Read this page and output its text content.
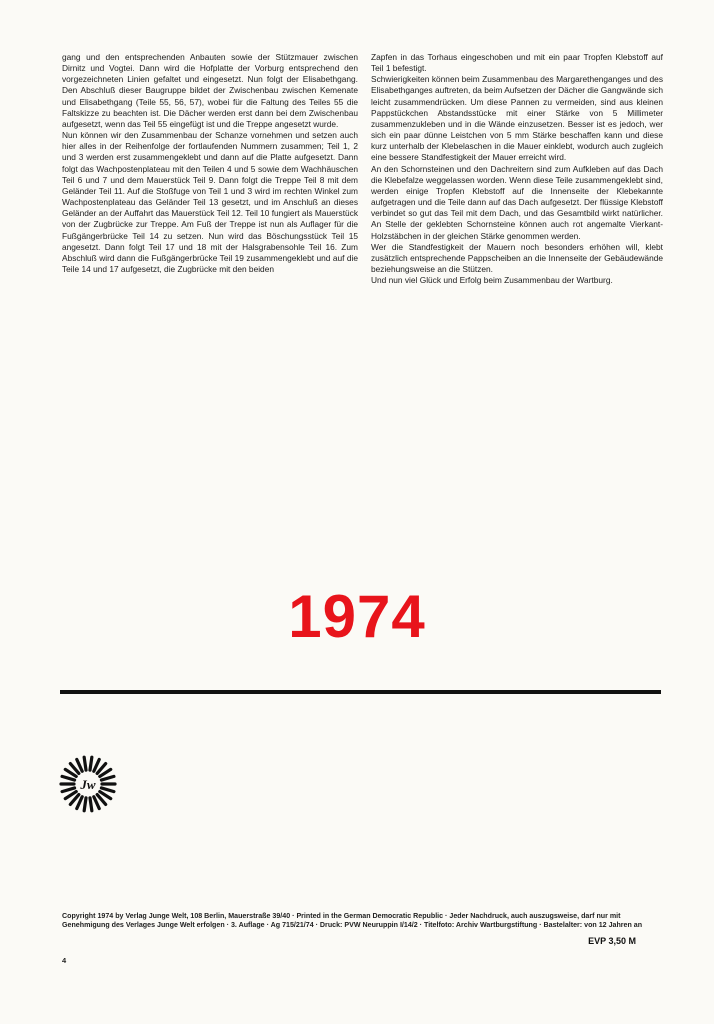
gang und den entsprechenden Anbauten sowie der Stützmauer zwischen Dirnitz und Vogtei. Dann wird die Hofplatte der Vorburg entsprechend den vorgezeichneten Linien gefaltet und eingesetzt. Nun folgt der Elisabethgang. Den Abschluß dieser Baugruppe bildet der Zwischenbau zwischen Kemenate und Elisabethgang (Teile 55, 56, 57), wobei für die Faltung des Teiles 55 die Faltskizze zu beachten ist. Die Dächer werden erst dann bei dem Zwischenbau aufgesetzt, wenn das Teil 55 eingefügt ist und die Treppe angesetzt wurde.

Nun können wir den Zusammenbau der Schanze vornehmen und setzen auch hier alles in der Reihenfolge der fortlaufenden Nummern zusammen; Teil 1, 2 und 3 werden erst zusammengeklebt und dann auf die Platte aufgesetzt. Dann folgt das Wachpostenplateau mit den Teilen 4 und 5 sowie dem Wachhäuschen Teil 6 und 7 und dem Mauerstück Teil 9. Dann folgt die Treppe Teil 8 mit dem Geländer Teil 11. Auf die Stoßfuge von Teil 1 und 3 wird im rechten Winkel zum Wachpostenplateau das Geländer Teil 13 gesetzt, und im Anschluß an dieses Geländer an der Auffahrt das Mauerstück Teil 12. Teil 10 fungiert als Mauerstück von der Zugbrücke zur Treppe. Am Fuß der Treppe ist nun als Auflager für die Fußgängerbrücke Teil 14 zu setzen. Nun wird das Böschungsstück Teil 15 angesetzt. Dann folgt Teil 17 und 18 mit der Halsgrabensohle Teil 16. Zum Abschluß wird dann die Fußgängerbrücke Teil 19 zusammengeklebt und auf die Teile 14 und 17 aufgesetzt, die Zugbrücke mit den beiden

Zapfen in das Torhaus eingeschoben und mit ein paar Tropfen Klebstoff auf Teil 1 befestigt.

Schwierigkeiten können beim Zusammenbau des Margarethenganges und des Elisabethganges auftreten, da beim Aufsetzen der Dächer die Gangwände sich leicht zusammendrücken. Um diese Pannen zu vermeiden, sind aus kleinen Pappstückchen Abstandsstücke mit einer Stärke von 5 Millimeter zusammenzukleben und in die Wände einzusetzen. Besser ist es jedoch, wer sich ein paar dünne Leistchen von 5 mm Stärke beschaffen kann und diese kurz unterhalb der Klebelaschen in die Mauer einklebt, wodurch auch zugleich eine bessere Standfestigkeit der Mauer erreicht wird.

An den Schornsteinen und den Dachreitern sind zum Aufkleben auf das Dach die Klebefalze weggelassen worden. Wenn diese Teile zusammengeklebt sind, werden einige Tropfen Klebstoff auf die Innenseite der Klebekannte aufgetragen und die Teile dann auf das Dach aufgesetzt. Der flüssige Klebstoff verbindet so gut das Teil mit dem Dach, und das Gesamtbild wirkt natürlicher. An Stelle der geklebten Schornsteine können auch rot angemalte Vierkant-Holzstäbchen in der gleichen Stärke genommen werden.

Wer die Standfestigkeit der Mauern noch besonders erhöhen will, klebt zusätzlich entsprechende Pappscheiben an die Innenseite der Gebäudewände beziehungsweise an die Stützen.

Und nun viel Glück und Erfolg beim Zusammenbau der Wartburg.

1974
Jw
Copyright 1974 by Verlag Junge Welt, 108 Berlin, Mauerstraße 39/40 · Printed in the German Democratic Republic · Jeder Nachdruck, auch auszugsweise, darf nur mit Genehmigung des Verlages Junge Welt erfolgen · 3. Auflage · Ag 715/21/74 · Druck: PVW Neuruppin I/14/2 · Titelfoto: Archiv Wartburgstiftung · Bastelalter: von 12 Jahren an
EVP 3,50 M
4
